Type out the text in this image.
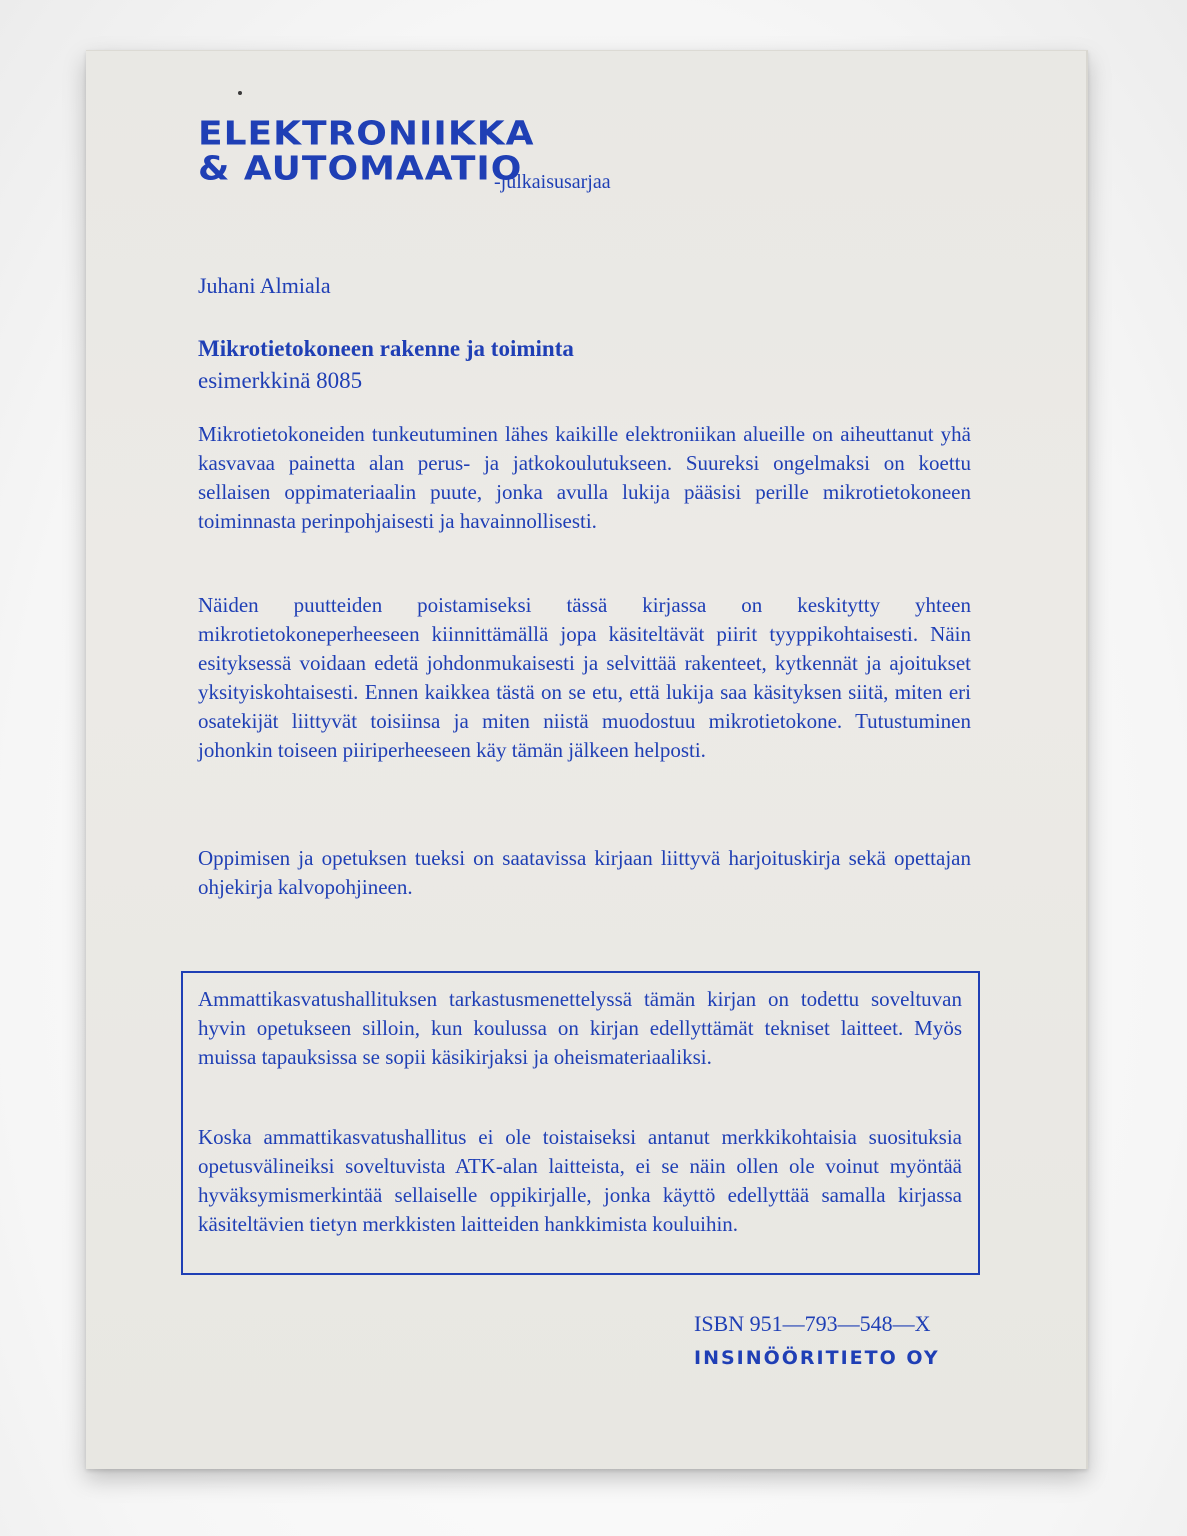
ELEKTRONIIKKA
& AUTOMAATIO
-julkaisusarjaa
Juhani Almiala
Mikrotietokoneen rakenne ja toiminta
esimerkkinä 8085
Mikrotietokoneiden tunkeutuminen lähes kaikille elektroniikan alueille on aiheuttanut yhä kasvavaa painetta alan perus- ja jatkokoulutukseen. Suureksi ongelmaksi on koettu sellaisen oppimateriaalin puute, jonka avulla lukija pääsisi perille mikrotietokoneen toiminnasta perinpohjaisesti ja havainnollisesti.
Näiden puutteiden poistamiseksi tässä kirjassa on keskitytty yhteen mikrotietokoneperheeseen kiinnittämällä jopa käsiteltävät piirit tyyppikohtaisesti. Näin esityksessä voidaan edetä johdonmukaisesti ja selvittää rakenteet, kytkennät ja ajoitukset yksityiskohtaisesti. Ennen kaikkea tästä on se etu, että lukija saa käsityksen siitä, miten eri osatekijät liittyvät toisiinsa ja miten niistä muodostuu mikrotietokone. Tutustuminen johonkin toiseen piiriperheeseen käy tämän jälkeen helposti.
Oppimisen ja opetuksen tueksi on saatavissa kirjaan liittyvä harjoituskirja sekä opettajan ohjekirja kalvopohjineen.
Ammattikasvatushallituksen tarkastusmenettelyssä tämän kirjan on todettu soveltuvan hyvin opetukseen silloin, kun koulussa on kirjan edellyttämät tekniset laitteet. Myös muissa tapauksissa se sopii käsikirjaksi ja oheismateriaaliksi.
Koska ammattikasvatushallitus ei ole toistaiseksi antanut merkkikohtaisia suosituksia opetusvälineiksi soveltuvista ATK-alan laitteista, ei se näin ollen ole voinut myöntää hyväksymismerkintää sellaiselle oppikirjalle, jonka käyttö edellyttää samalla kirjassa käsiteltävien tietyn merkkisten laitteiden hankkimista kouluihin.
ISBN 951—793—548—X
INSINÖÖRITIETO OY
